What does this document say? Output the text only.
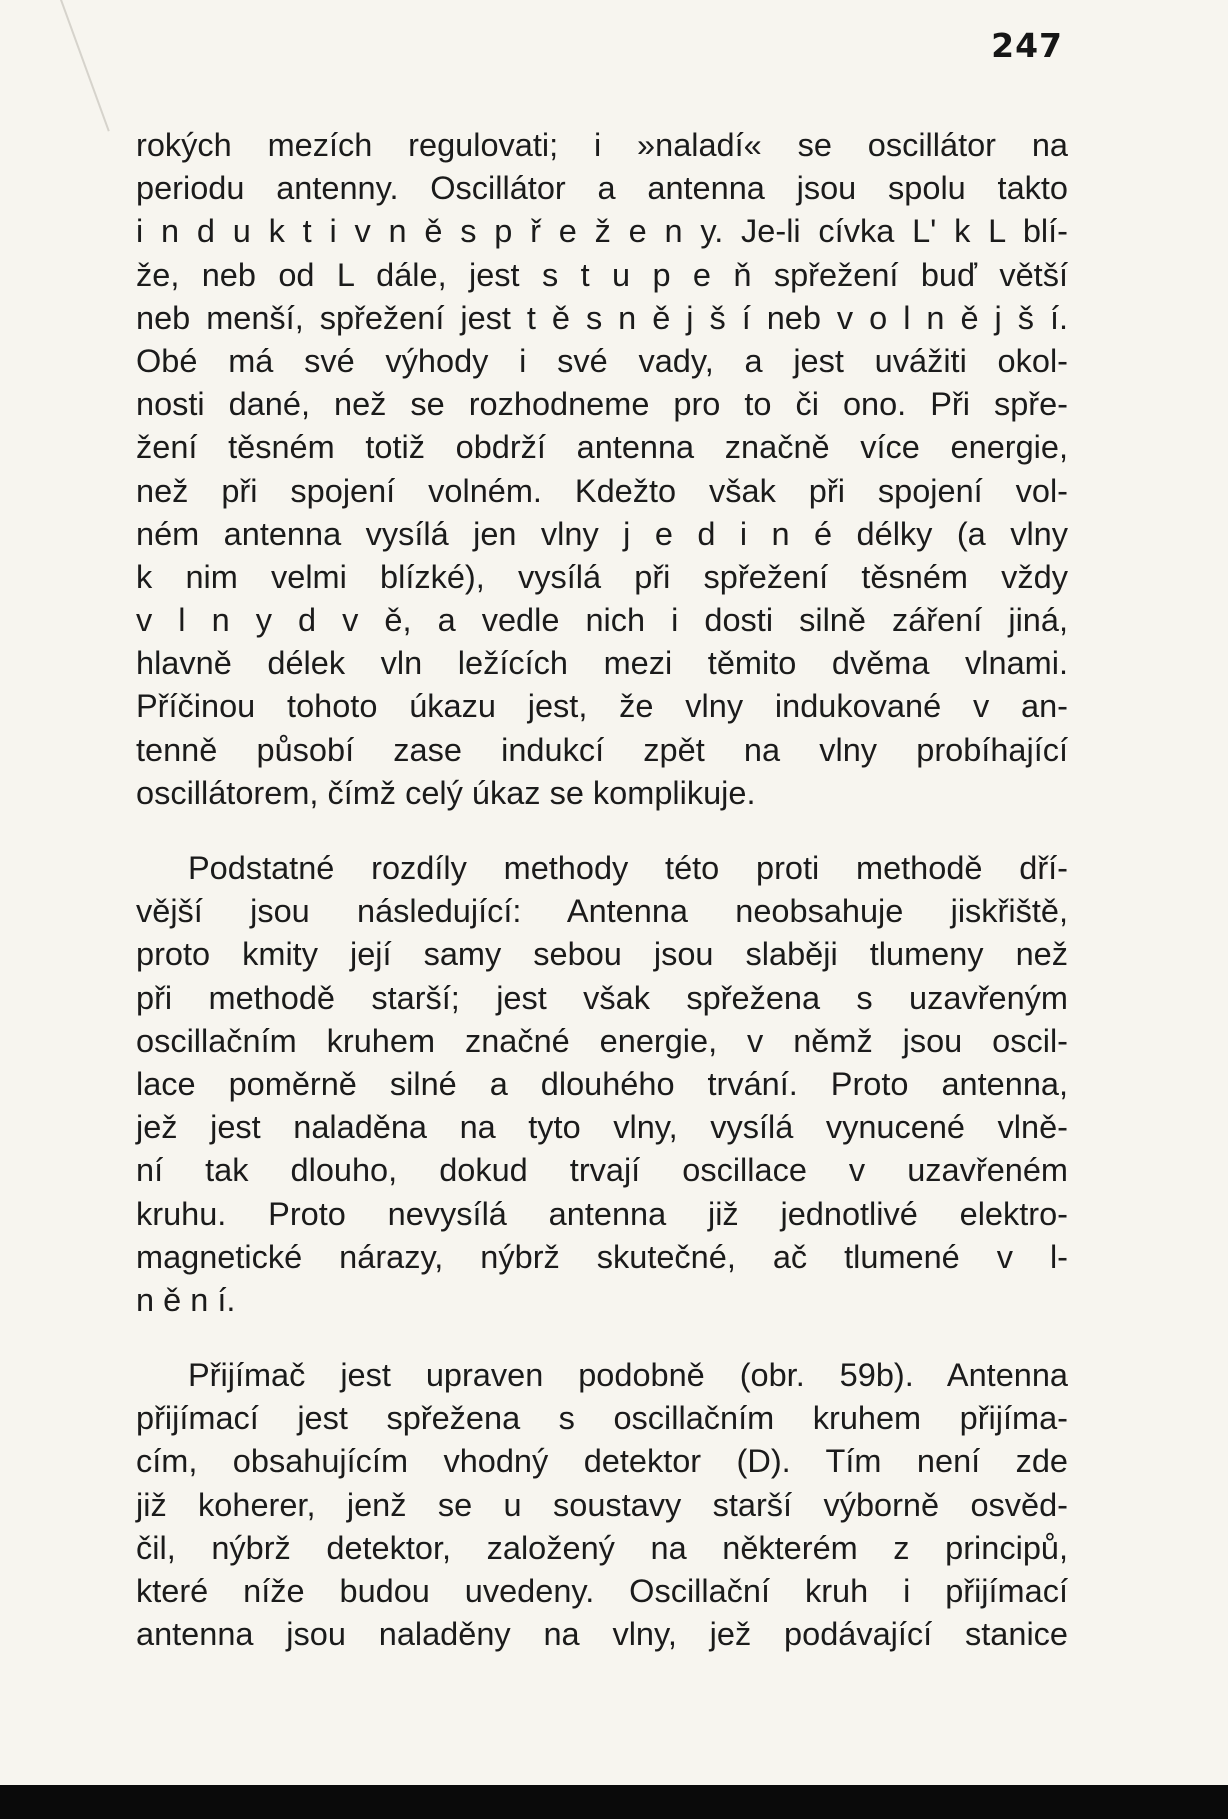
247

rokých mezích regulovati; i »naladí« se oscillátor na
periodu antenny. Oscillátor a antenna jsou spolu takto
i n d u k t i v n ě s p ř e ž e n y. Je-li cívka L' k L blí-
že, neb od L dále, jest s t u p e ň spřežení buď větší
neb menší, spřežení jest t ě s n ě j š í neb v o l n ě j š í.
Obé má své výhody i své vady, a jest uvážiti okol-
nosti dané, než se rozhodneme pro to či ono. Při spře-
žení těsném totiž obdrží antenna značně více energie,
než při spojení volném. Kdežto však při spojení vol-
ném antenna vysílá jen vlny j e d i n é délky (a vlny
k nim velmi blízké), vysílá při spřežení těsném vždy
v l n y d v ě, a vedle nich i dosti silně záření jiná,
hlavně délek vln ležících mezi těmito dvěma vlnami.
Příčinou tohoto úkazu jest, že vlny indukované v an-
tenně působí zase indukcí zpět na vlny probíhající
oscillátorem, čímž celý úkaz se komplikuje.

Podstatné rozdíly methody této proti methodě dří-
vější jsou následující: Antenna neobsahuje jiskřiště,
proto kmity její samy sebou jsou slaběji tlumeny než
při methodě starší; jest však spřežena s uzavřeným
oscillačním kruhem značné energie, v němž jsou oscil-
lace poměrně silné a dlouhého trvání. Proto antenna,
jež jest naladěna na tyto vlny, vysílá vynucené vlně-
ní tak dlouho, dokud trvají oscillace v uzavřeném
kruhu. Proto nevysílá antenna již jednotlivé elektro-
magnetické nárazy, nýbrž skutečné, ač tlumené v l-
n ě n í.

Přijímač jest upraven podobně (obr. 59b). Antenna
přijímací jest spřežena s oscillačním kruhem přijíma-
cím, obsahujícím vhodný detektor (D). Tím není zde
již koherer, jenž se u soustavy starší výborně osvěd-
čil, nýbrž detektor, založený na některém z principů,
které níže budou uvedeny. Oscillační kruh i přijímací
antenna jsou naladěny na vlny, jež podávající stanice
